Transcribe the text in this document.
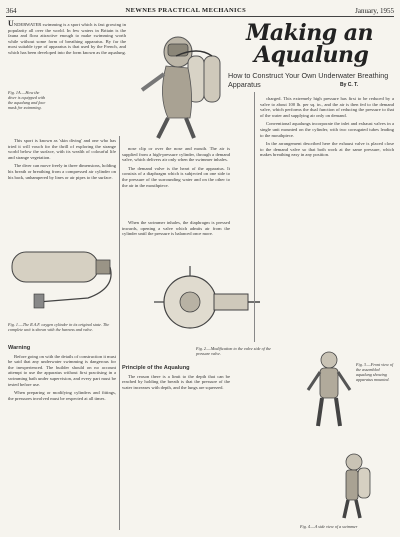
364	NEWNES PRACTICAL MECHANICS	January, 1955
Making an
Aqualung
How to Construct Your Own Underwater Breathing Apparatus	By C. T.

UNDERWATER swimming is a sport which is fast growing in popularity all over the world. In few waters in Britain is the fauna and flora attractive enough to make swimming worth while without some form of breathing apparatus. By far the most suitable type of apparatus is that used by the French, and which has been developed into the form known as the aqualung.

Fig. 1A.—How the diver is equipped with the aqualung and face mask for swimming.

This sport is known as 'skin diving' and one who has tried it will vouch for the thrill of exploring the strange world below the surface, with its wealth of colourful life and strange vegetation.

The diver can move freely in three dimensions, holding his breath or breathing from a compressed air cylinder on his back, unhampered by lines or air pipes to the surface.

nose clip or over the nose and mouth. The air is supplied from a high-pressure cylinder, through a demand valve, which delivers air only when the swimmer inhales.

The demand valve is the heart of the apparatus. It consists of a diaphragm which is subjected on one side to the pressure of the surrounding water and on the other to the air in the mouthpiece.

Fig. 1.—The R.A.F. oxygen cylinder in its original state. The complete unit is shown with the harness and valve.
Warning

Before going on with the details of construction it must be said that any underwater swimming is dangerous for the inexperienced. The builder should on no account attempt to use the apparatus without first practising in a swimming bath under supervision, and every part must be tested before use.

When preparing or modifying cylinders and fittings, the pressures involved must be respected at all times.

When the swimmer inhales, the diaphragm is pressed inwards, opening a valve which admits air from the cylinder until the pressure is balanced once more.

Fig. 2.—Modification to the valve side of the pressure valve.
Principle of the Aqualung

The reason there is a limit to the depth that can be reached by holding the breath is that the pressure of the water increases with depth, and the lungs are squeezed.

charged. This extremely high pressure has first to be reduced by a valve to about 100 lb. per sq. in., and the air is then fed to the demand valve, which performs the dual function of reducing the pressure to that of the water and supplying air only on demand.

Conventional aqualungs incorporate the inlet and exhaust valves in a single unit mounted on the cylinder, with two corrugated tubes leading to the mouthpiece.

In the arrangement described here the exhaust valve is placed close to the demand valve so that both work at the same pressure, which makes breathing easy in any position.

Fig. 3.—Front view of the assembled aqualung showing apparatus mounted.
Fig. 4.—A side view of a swimmer
